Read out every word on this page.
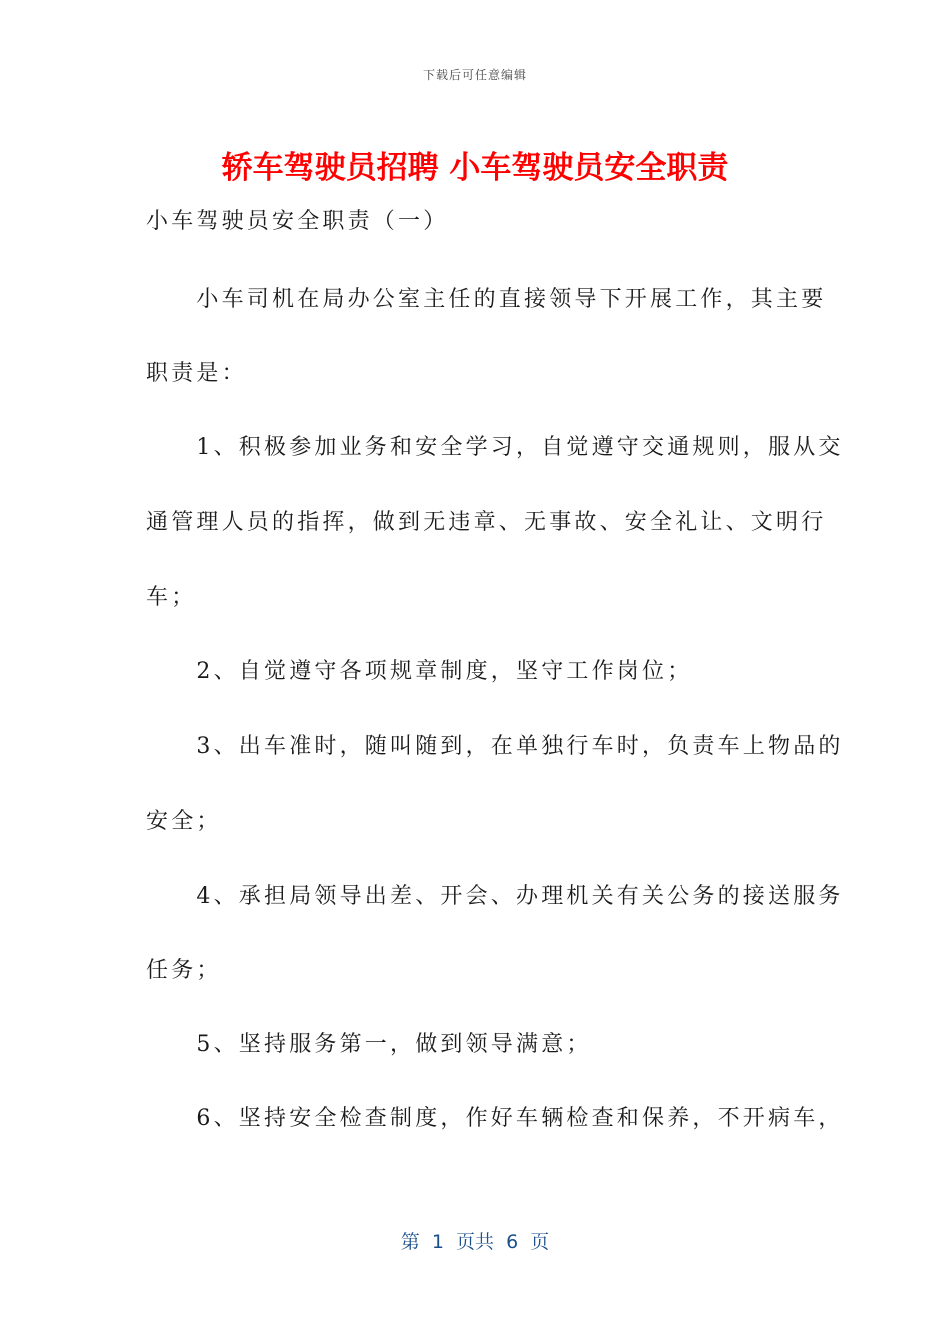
下载后可任意编辑
轿车驾驶员招聘 小车驾驶员安全职责
小车驾驶员安全职责（一）
　　小车司机在局办公室主任的直接领导下开展工作，其主要
职责是：
　　1、积极参加业务和安全学习，自觉遵守交通规则，服从交
通管理人员的指挥，做到无违章、无事故、安全礼让、文明行
车；
　　2、自觉遵守各项规章制度，坚守工作岗位；
　　3、出车准时，随叫随到，在单独行车时，负责车上物品的
安全；
　　4、承担局领导出差、开会、办理机关有关公务的接送服务
任务；
　　5、坚持服务第一，做到领导满意；
　　6、坚持安全检查制度，作好车辆检查和保养，不开病车，
第  1  页共  6  页
